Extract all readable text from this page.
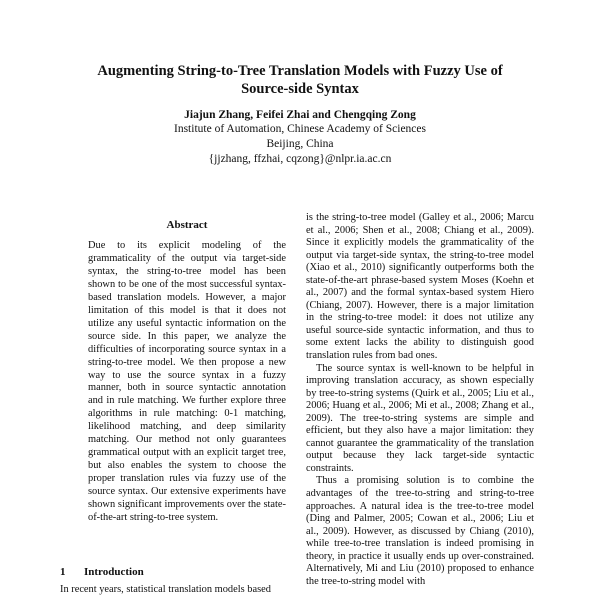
Augmenting String-to-Tree Translation Models with Fuzzy Use of
Source-side Syntax
Jiajun Zhang, Feifei Zhai and Chengqing Zong
Institute of Automation, Chinese Academy of Sciences
Beijing, China
{jjzhang, ffzhai, cqzong}@nlpr.ia.ac.cn
Abstract
Due to its explicit modeling of the grammaticality of the output via target-side syntax, the string-to-tree model has been shown to be one of the most successful syntax-based translation models. However, a major limitation of this model is that it does not utilize any useful syntactic information on the source side. In this paper, we analyze the difficulties of incorporating source syntax in a string-to-tree model. We then propose a new way to use the source syntax in a fuzzy manner, both in source syntactic annotation and in rule matching. We further explore three algorithms in rule matching: 0-1 matching, likelihood matching, and deep similarity matching. Our method not only guarantees grammatical output with an explicit target tree, but also enables the system to choose the proper translation rules via fuzzy use of the source syntax. Our extensive experiments have shown significant improvements over the state-of-the-art string-to-tree system.
1 Introduction
In recent years, statistical translation models based

is the string-to-tree model (Galley et al., 2006; Marcu et al., 2006; Shen et al., 2008; Chiang et al., 2009). Since it explicitly models the grammaticality of the output via target-side syntax, the string-to-tree model (Xiao et al., 2010) significantly outperforms both the state-of-the-art phrase-based system Moses (Koehn et al., 2007) and the formal syntax-based system Hiero (Chiang, 2007). However, there is a major limitation in the string-to-tree model: it does not utilize any useful source-side syntactic information, and thus to some extent lacks the ability to distinguish good translation rules from bad ones.

The source syntax is well-known to be helpful in improving translation accuracy, as shown especially by tree-to-string systems (Quirk et al., 2005; Liu et al., 2006; Huang et al., 2006; Mi et al., 2008; Zhang et al., 2009). The tree-to-string systems are simple and efficient, but they also have a major limitation: they cannot guarantee the grammaticality of the translation output because they lack target-side syntactic constraints.

Thus a promising solution is to combine the advantages of the tree-to-string and string-to-tree approaches. A natural idea is the tree-to-tree model (Ding and Palmer, 2005; Cowan et al., 2006; Liu et al., 2009). However, as discussed by Chiang (2010), while tree-to-tree translation is indeed promising in theory, in practice it usually ends up over-constrained. Alternatively, Mi and Liu (2010) proposed to enhance the tree-to-string model with
